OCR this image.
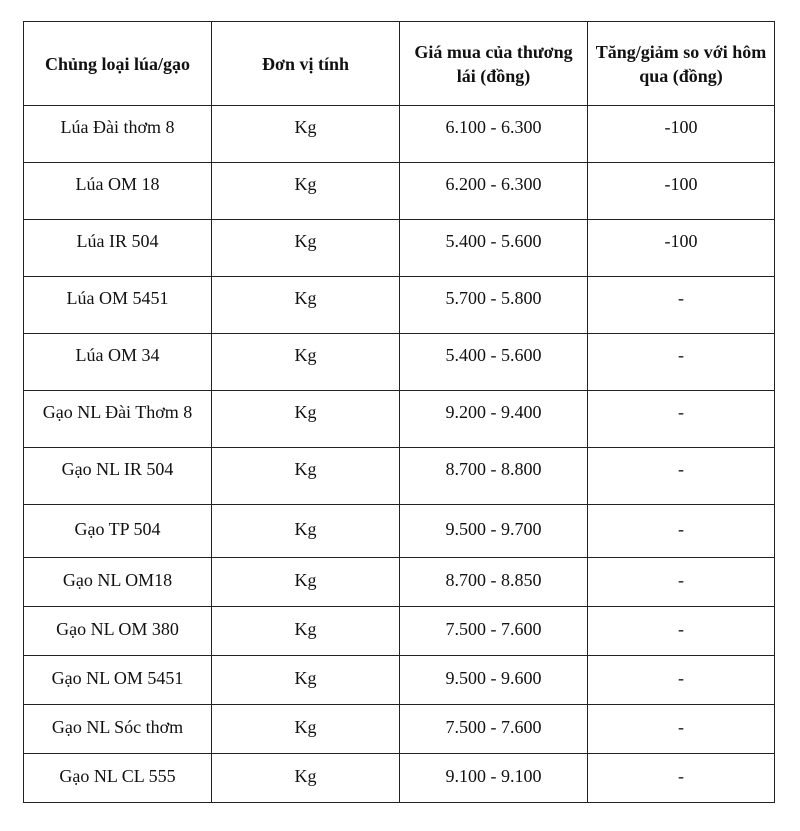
Chủng loại lúa/gạo	Đơn vị tính	Giá mua của thương lái (đồng)	Tăng/giảm so với hôm qua (đồng)
Lúa Đài thơm 8	Kg	6.100 - 6.300	-100
Lúa OM 18	Kg	6.200 - 6.300	-100
Lúa IR 504	Kg	5.400 - 5.600	-100
Lúa OM 5451	Kg	5.700 - 5.800	-
Lúa OM 34	Kg	5.400 - 5.600	-
Gạo NL Đài Thơm 8	Kg	9.200 - 9.400	-
Gạo NL IR 504	Kg	8.700 - 8.800	-
Gạo TP 504	Kg	9.500 - 9.700	-
Gạo NL OM18	Kg	8.700 - 8.850	-
Gạo NL OM 380	Kg	7.500 - 7.600	-
Gạo NL OM 5451	Kg	9.500 - 9.600	-
Gạo NL Sóc thơm	Kg	7.500 - 7.600	-
Gạo NL CL 555	Kg	9.100 - 9.100	-
